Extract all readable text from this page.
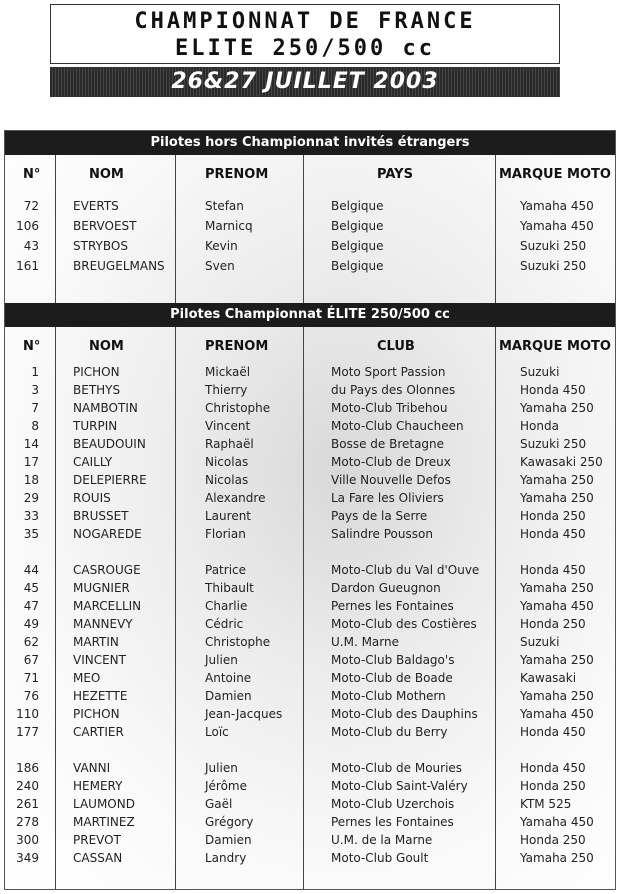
CHAMPIONNAT DE FRANCE
ELITE 250/500 cc
26&27 JUILLET 2003
Pilotes hors Championnat invités étrangers
N°	NOM	PRENOM	PAYS	MARQUE MOTO
72	EVERTS	Stefan	Belgique	Yamaha 450
106	BERVOEST	Marnicq	Belgique	Yamaha 450
43	STRYBOS	Kevin	Belgique	Suzuki 250
161	BREUGELMANS	Sven	Belgique	Suzuki 250
Pilotes Championnat ÉLITE 250/500 cc
N°	NOM	PRENOM	CLUB	MARQUE MOTO
1	PICHON	Mickaël	Moto Sport Passion	Suzuki
3	BETHYS	Thierry	du Pays des Olonnes	Honda 450
7	NAMBOTIN	Christophe	Moto-Club Tribehou	Yamaha 250
8	TURPIN	Vincent	Moto-Club Chaucheen	Honda
14	BEAUDOUIN	Raphaël	Bosse de Bretagne	Suzuki 250
17	CAILLY	Nicolas	Moto-Club de Dreux	Kawasaki 250
18	DELEPIERRE	Nicolas	Ville Nouvelle Defos	Yamaha 250
29	ROUIS	Alexandre	La Fare les Oliviers	Yamaha 250
33	BRUSSET	Laurent	Pays de la Serre	Honda 250
35	NOGAREDE	Florian	Salindre Pousson	Honda 450
44	CASROUGE	Patrice	Moto-Club du Val d'Ouve	Honda 450
45	MUGNIER	Thibault	Dardon Gueugnon	Yamaha 250
47	MARCELLIN	Charlie	Pernes les Fontaines	Yamaha 450
49	MANNEVY	Cédric	Moto-Club des Costières	Honda 250
62	MARTIN	Christophe	U.M. Marne	Suzuki
67	VINCENT	Julien	Moto-Club Baldago's	Yamaha 250
71	MEO	Antoine	Moto-Club de Boade	Kawasaki
76	HEZETTE	Damien	Moto-Club Mothern	Yamaha 250
110	PICHON	Jean-Jacques	Moto-Club des Dauphins	Yamaha 450
177	CARTIER	Loïc	Moto-Club du Berry	Honda 450
186	VANNI	Julien	Moto-Club de Mouries	Honda 450
240	HEMERY	Jérôme	Moto-Club Saint-Valéry	Honda 250
261	LAUMOND	Gaël	Moto-Club Uzerchois	KTM 525
278	MARTINEZ	Grégory	Pernes les Fontaines	Yamaha 450
300	PREVOT	Damien	U.M. de la Marne	Honda 250
349	CASSAN	Landry	Moto-Club Goult	Yamaha 250
